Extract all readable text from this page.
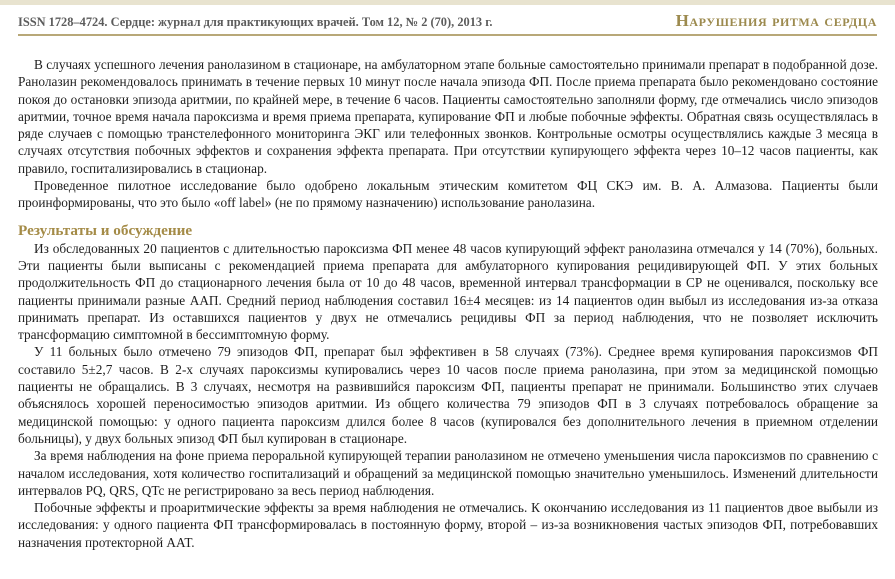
ISSN 1728–4724. Сердце: журнал для практикующих врачей. Том 12, № 2 (70), 2013 г.	Нарушения ритма сердца

В случаях успешного лечения ранолазином в стационаре, на амбулаторном этапе больные самостоятельно принимали препарат в подобранной дозе. Ранолазин рекомендовалось принимать в течение первых 10 минут после начала эпизода ФП. После приема препарата было рекомендовано состояние покоя до остановки эпизода аритмии, по крайней мере, в течение 6 часов. Пациенты самостоятельно заполняли форму, где отмечались число эпизодов аритмии, точное время начала пароксизма и время приема препарата, купирование ФП и любые побочные эффекты. Обратная связь осуществлялась в ряде случаев с помощью транстелефонного мониторинга ЭКГ или телефонных звонков. Контрольные осмотры осуществлялись каждые 3 месяца в случаях отсутствия побочных эффектов и сохранения эффекта препарата. При отсутствии купирующего эффекта через 10–12 часов пациенты, как правило, госпитализировались в стационар.

Проведенное пилотное исследование было одобрено локальным этическим комитетом ФЦ СКЭ им. В. А. Алмазова. Пациенты были проинформированы, что это было «off label» (не по прямому назначению) использование ранолазина.

Результаты и обсуждение

Из обследованных 20 пациентов с длительностью пароксизма ФП менее 48 часов купирующий эффект ранолазина отмечался у 14 (70%), больных. Эти пациенты были выписаны с рекомендацией приема препарата для амбулаторного купирования рецидивирующей ФП. У этих больных продолжительность ФП до стационарного лечения была от 10 до 48 часов, временной интервал трансформации в СР не оценивался, поскольку все пациенты принимали разные ААП. Средний период наблюдения составил 16±4 месяцев: из 14 пациентов один выбыл из исследования из-за отказа принимать препарат. Из оставшихся пациентов у двух не отмечались рецидивы ФП за период наблюдения, что не позволяет исключить трансформацию симптомной в бессимптомную форму.

У 11 больных было отмечено 79 эпизодов ФП, препарат был эффективен в 58 случаях (73%). Среднее время купирования пароксизмов ФП составило 5±2,7 часов. В 2-х случаях пароксизмы купировались через 10 часов после приема ранолазина, при этом за медицинской помощью пациенты не обращались. В 3 случаях, несмотря на развившийся пароксизм ФП, пациенты препарат не принимали. Большинство этих случаев объяснялось хорошей переносимостью эпизодов аритмии. Из общего количества 79 эпизодов ФП в 3 случаях потребовалось обращение за медицинской помощью: у одного пациента пароксизм длился более 8 часов (купировался без дополнительного лечения в приемном отделении больницы), у двух больных эпизод ФП был купирован в стационаре.

За время наблюдения на фоне приема пероральной купирующей терапии ранолазином не отмечено уменьшения числа пароксизмов по сравнению с началом исследования, хотя количество госпитализаций и обращений за медицинской помощью значительно уменьшилось. Изменений длительности интервалов PQ, QRS, QTc не регистрировано за весь период наблюдения.

Побочные эффекты и проаритмические эффекты за время наблюдения не отмечались. К окончанию исследования из 11 пациентов двое выбыли из исследования: у одного пациента ФП трансформировалась в постоянную форму, второй – из-за возникновения частых эпизодов ФП, потребовавших назначения протекторной ААТ.
